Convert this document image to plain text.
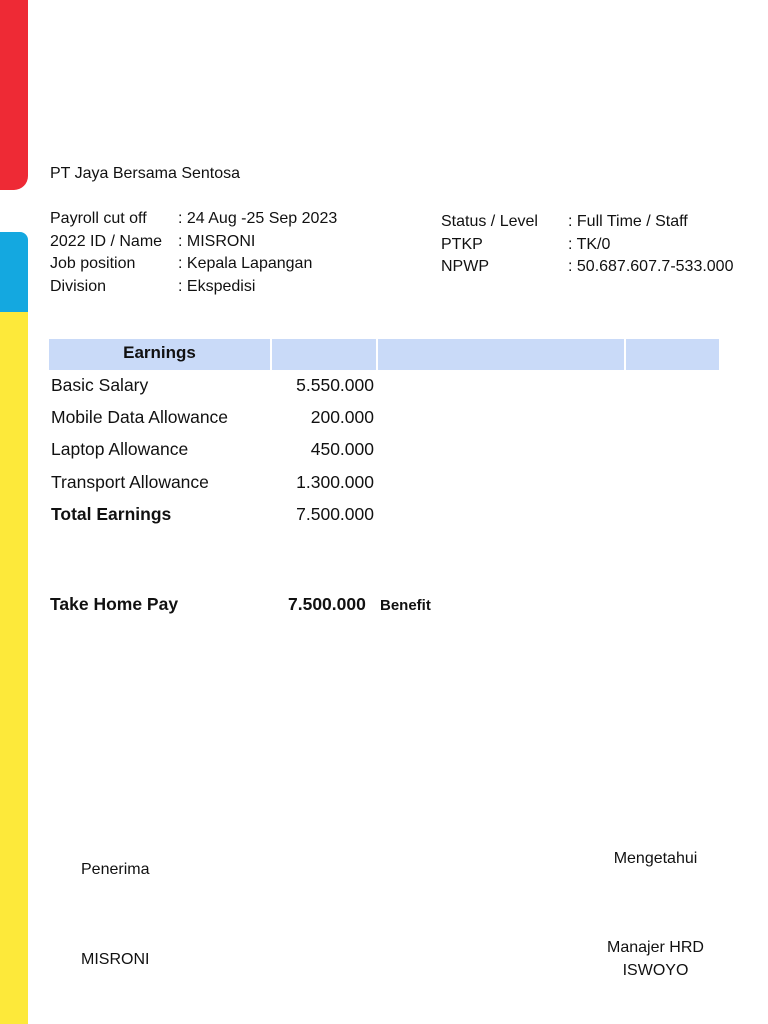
PT Jaya Bersama Sentosa
Payroll cut off	: 24 Aug -25 Sep 2023
2022 ID / Name : MISRONI
Job position	: Kepala Lapangan
Division	: Ekspedisi
Status / Level	: Full Time / Staff
PTKP	: TK/0
NPWP	: 50.687.607.7-533.000
Earnings
Basic Salary	5.550.000
Mobile Data Allowance	200.000
Laptop Allowance	450.000
Transport Allowance	1.300.000
Total Earnings	7.500.000
Take Home Pay	7.500.000 Benefit
Penerima
MISRONI
Mengetahui
Manajer HRD
ISWOYO
